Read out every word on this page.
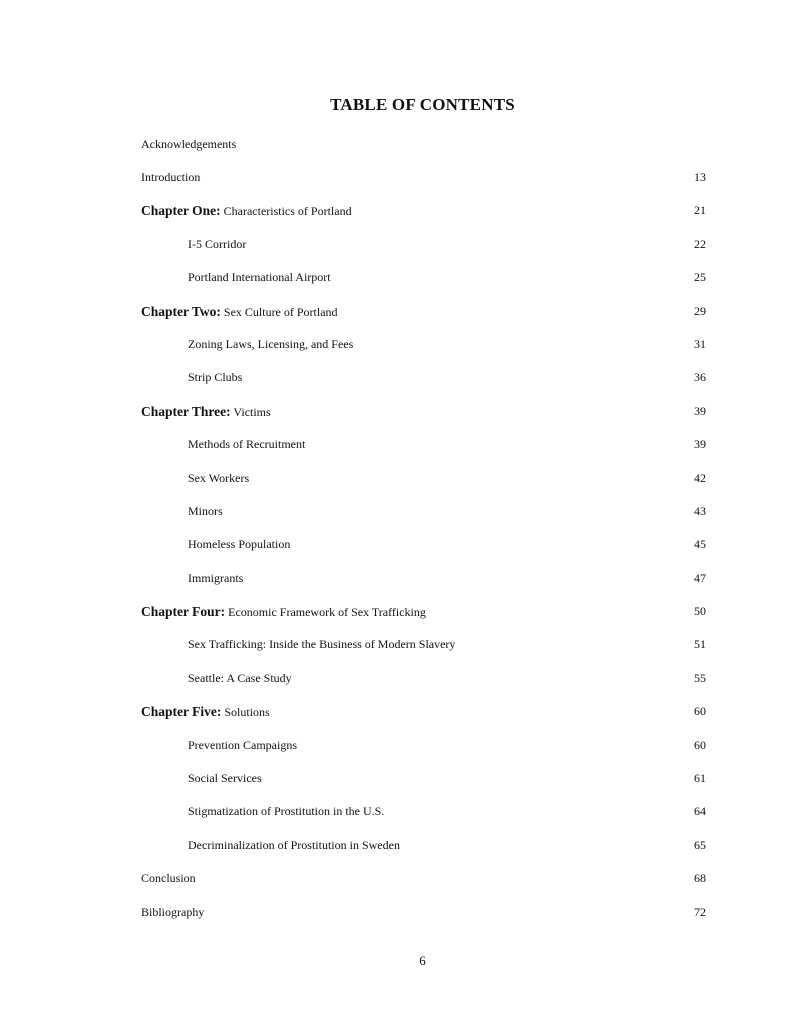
TABLE OF CONTENTS
Acknowledgements
Introduction	13
Chapter One: Characteristics of Portland	21
I-5 Corridor	22
Portland International Airport	25
Chapter Two: Sex Culture of Portland	29
Zoning Laws, Licensing, and Fees	31
Strip Clubs	36
Chapter Three: Victims	39
Methods of Recruitment	39
Sex Workers	42
Minors	43
Homeless Population	45
Immigrants	47
Chapter Four: Economic Framework of Sex Trafficking	50
Sex Trafficking: Inside the Business of Modern Slavery	51
Seattle: A Case Study	55
Chapter Five: Solutions	60
Prevention Campaigns	60
Social Services	61
Stigmatization of Prostitution in the U.S.	64
Decriminalization of Prostitution in Sweden	65
Conclusion	68
Bibliography	72
6
